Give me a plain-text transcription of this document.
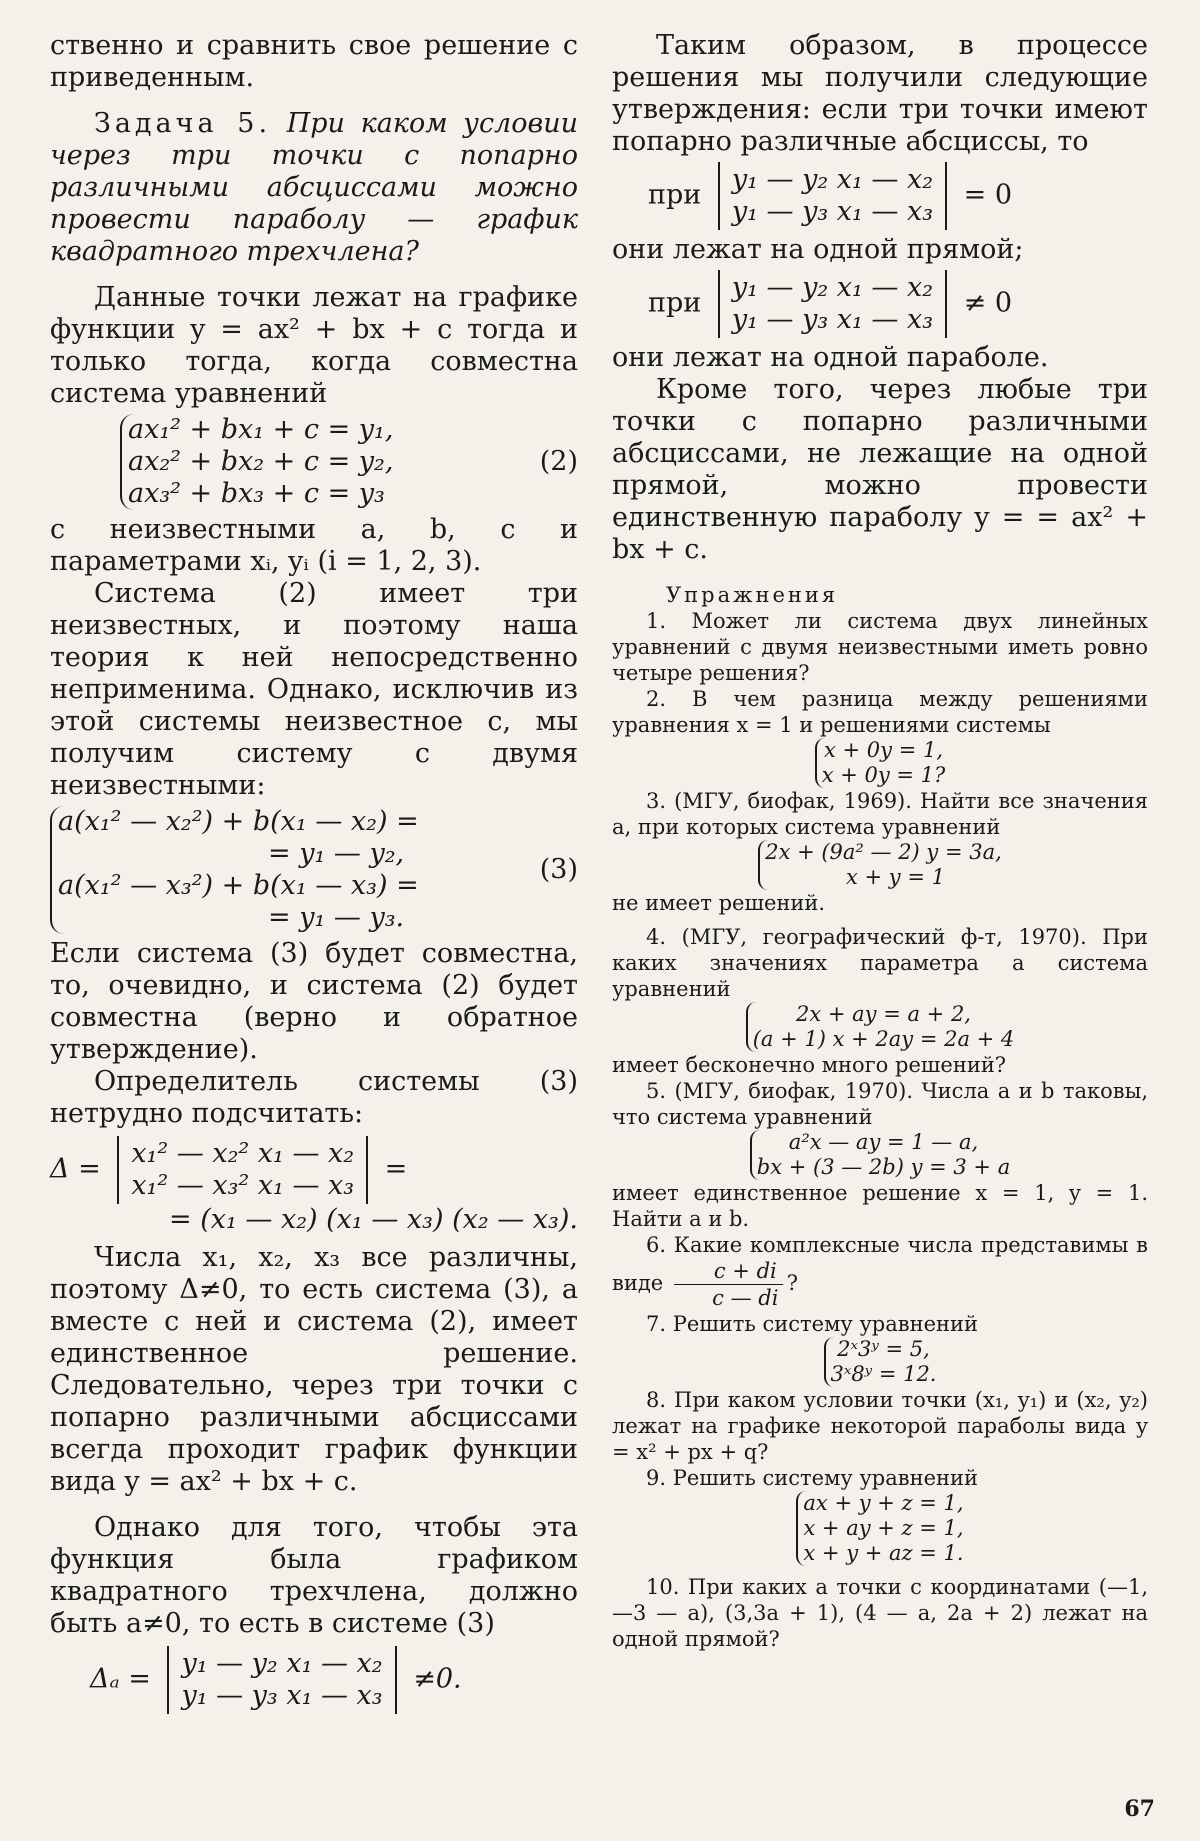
ственно и сравнить свое решение с приведенным.

Задача 5. При каком условии через три точки с попарно различными абсциссами можно провести параболу — график квадратного трехчлена?

Данные точки лежат на графике функции y = ax² + bx + c тогда и только тогда, когда совместна система уравнений

ax₁² + bx₁ + c = y₁,
ax₂² + bx₂ + c = y₂,
ax₃² + bx₃ + c = y₃
(2)

с неизвестными a, b, c и параметрами xᵢ, yᵢ (i = 1, 2, 3).

Система (2) имеет три неизвестных, и поэтому наша теория к ней непосредственно неприменима. Однако, исключив из этой системы неизвестное c, мы получим систему с двумя неизвестными:

a(x₁² — x₂²) + b(x₁ — x₂) =
= y₁ — y₂,
a(x₁² — x₃²) + b(x₁ — x₃) =
= y₁ — y₃.
(3)

Если система (3) будет совместна, то, очевидно, и система (2) будет совместна (верно и обратное утверждение).

Определитель системы (3) нетрудно подсчитать:

Δ = x₁² — x₂² x₁ — x₂
x₁² — x₃² x₁ — x₃
=
= (x₁ — x₂) (x₁ — x₃) (x₂ — x₃).

Числа x₁, x₂, x₃ все различны, поэтому Δ≠0, то есть система (3), а вместе с ней и система (2), имеет единственное решение. Следовательно, через три точки с попарно различными абсциссами всегда проходит график функции вида y = ax² + bx + c.

Однако для того, чтобы эта функция была графиком квадратного трехчлена, должно быть a≠0, то есть в системе (3)

Δₐ = y₁ — y₂ x₁ — x₂
y₁ — y₃ x₁ — x₃
≠0.

Таким образом, в процессе решения мы получили следующие утверждения: если три точки имеют попарно различные абсциссы, то

при y₁ — y₂ x₁ — x₂
y₁ — y₃ x₁ — x₃
= 0

они лежат на одной прямой;

при y₁ — y₂ x₁ — x₂
y₁ — y₃ x₁ — x₃
≠ 0

они лежат на одной параболе.

Кроме того, через любые три точки с попарно различными абсциссами, не лежащие на одной прямой, можно провести единственную параболу y = = ax² + bx + c.

Упражнения

1. Может ли система двух линейных уравнений с двумя неизвестными иметь ровно четыре решения?

2. В чем разница между решениями уравнения x = 1 и решениями системы

x + 0y = 1,
x + 0y = 1?

3. (МГУ, биофак, 1969). Найти все значения a, при которых система уравнений

2x + (9a² — 2) y = 3a,
x + y = 1

не имеет решений.

4. (МГУ, географический ф-т, 1970). При каких значениях параметра a система уравнений

2x + ay = a + 2,
(a + 1) x + 2ay = 2a + 4

имеет бесконечно много решений?

5. (МГУ, биофак, 1970). Числа a и b таковы, что система уравнений

a²x — ay = 1 — a,
bx + (3 — 2b) y = 3 + a

имеет единственное решение x = 1, y = 1. Найти a и b.

6. Какие комплексные числа представимы в виде $\frac{c + di}{c — di}$ ?

7. Решить систему уравнений

2ˣ3ʸ = 5,
3ˣ8ʸ = 12.

8. При каком условии точки (x₁, y₁) и (x₂, y₂) лежат на графике некоторой параболы вида y = x² + px + q?

9. Решить систему уравнений

ax + y + z = 1,
x + ay + z = 1,
x + y + az = 1.

10. При каких a точки с координатами (—1, —3 — a), (3,3a + 1), (4 — a, 2a + 2) лежат на одной прямой?

67
